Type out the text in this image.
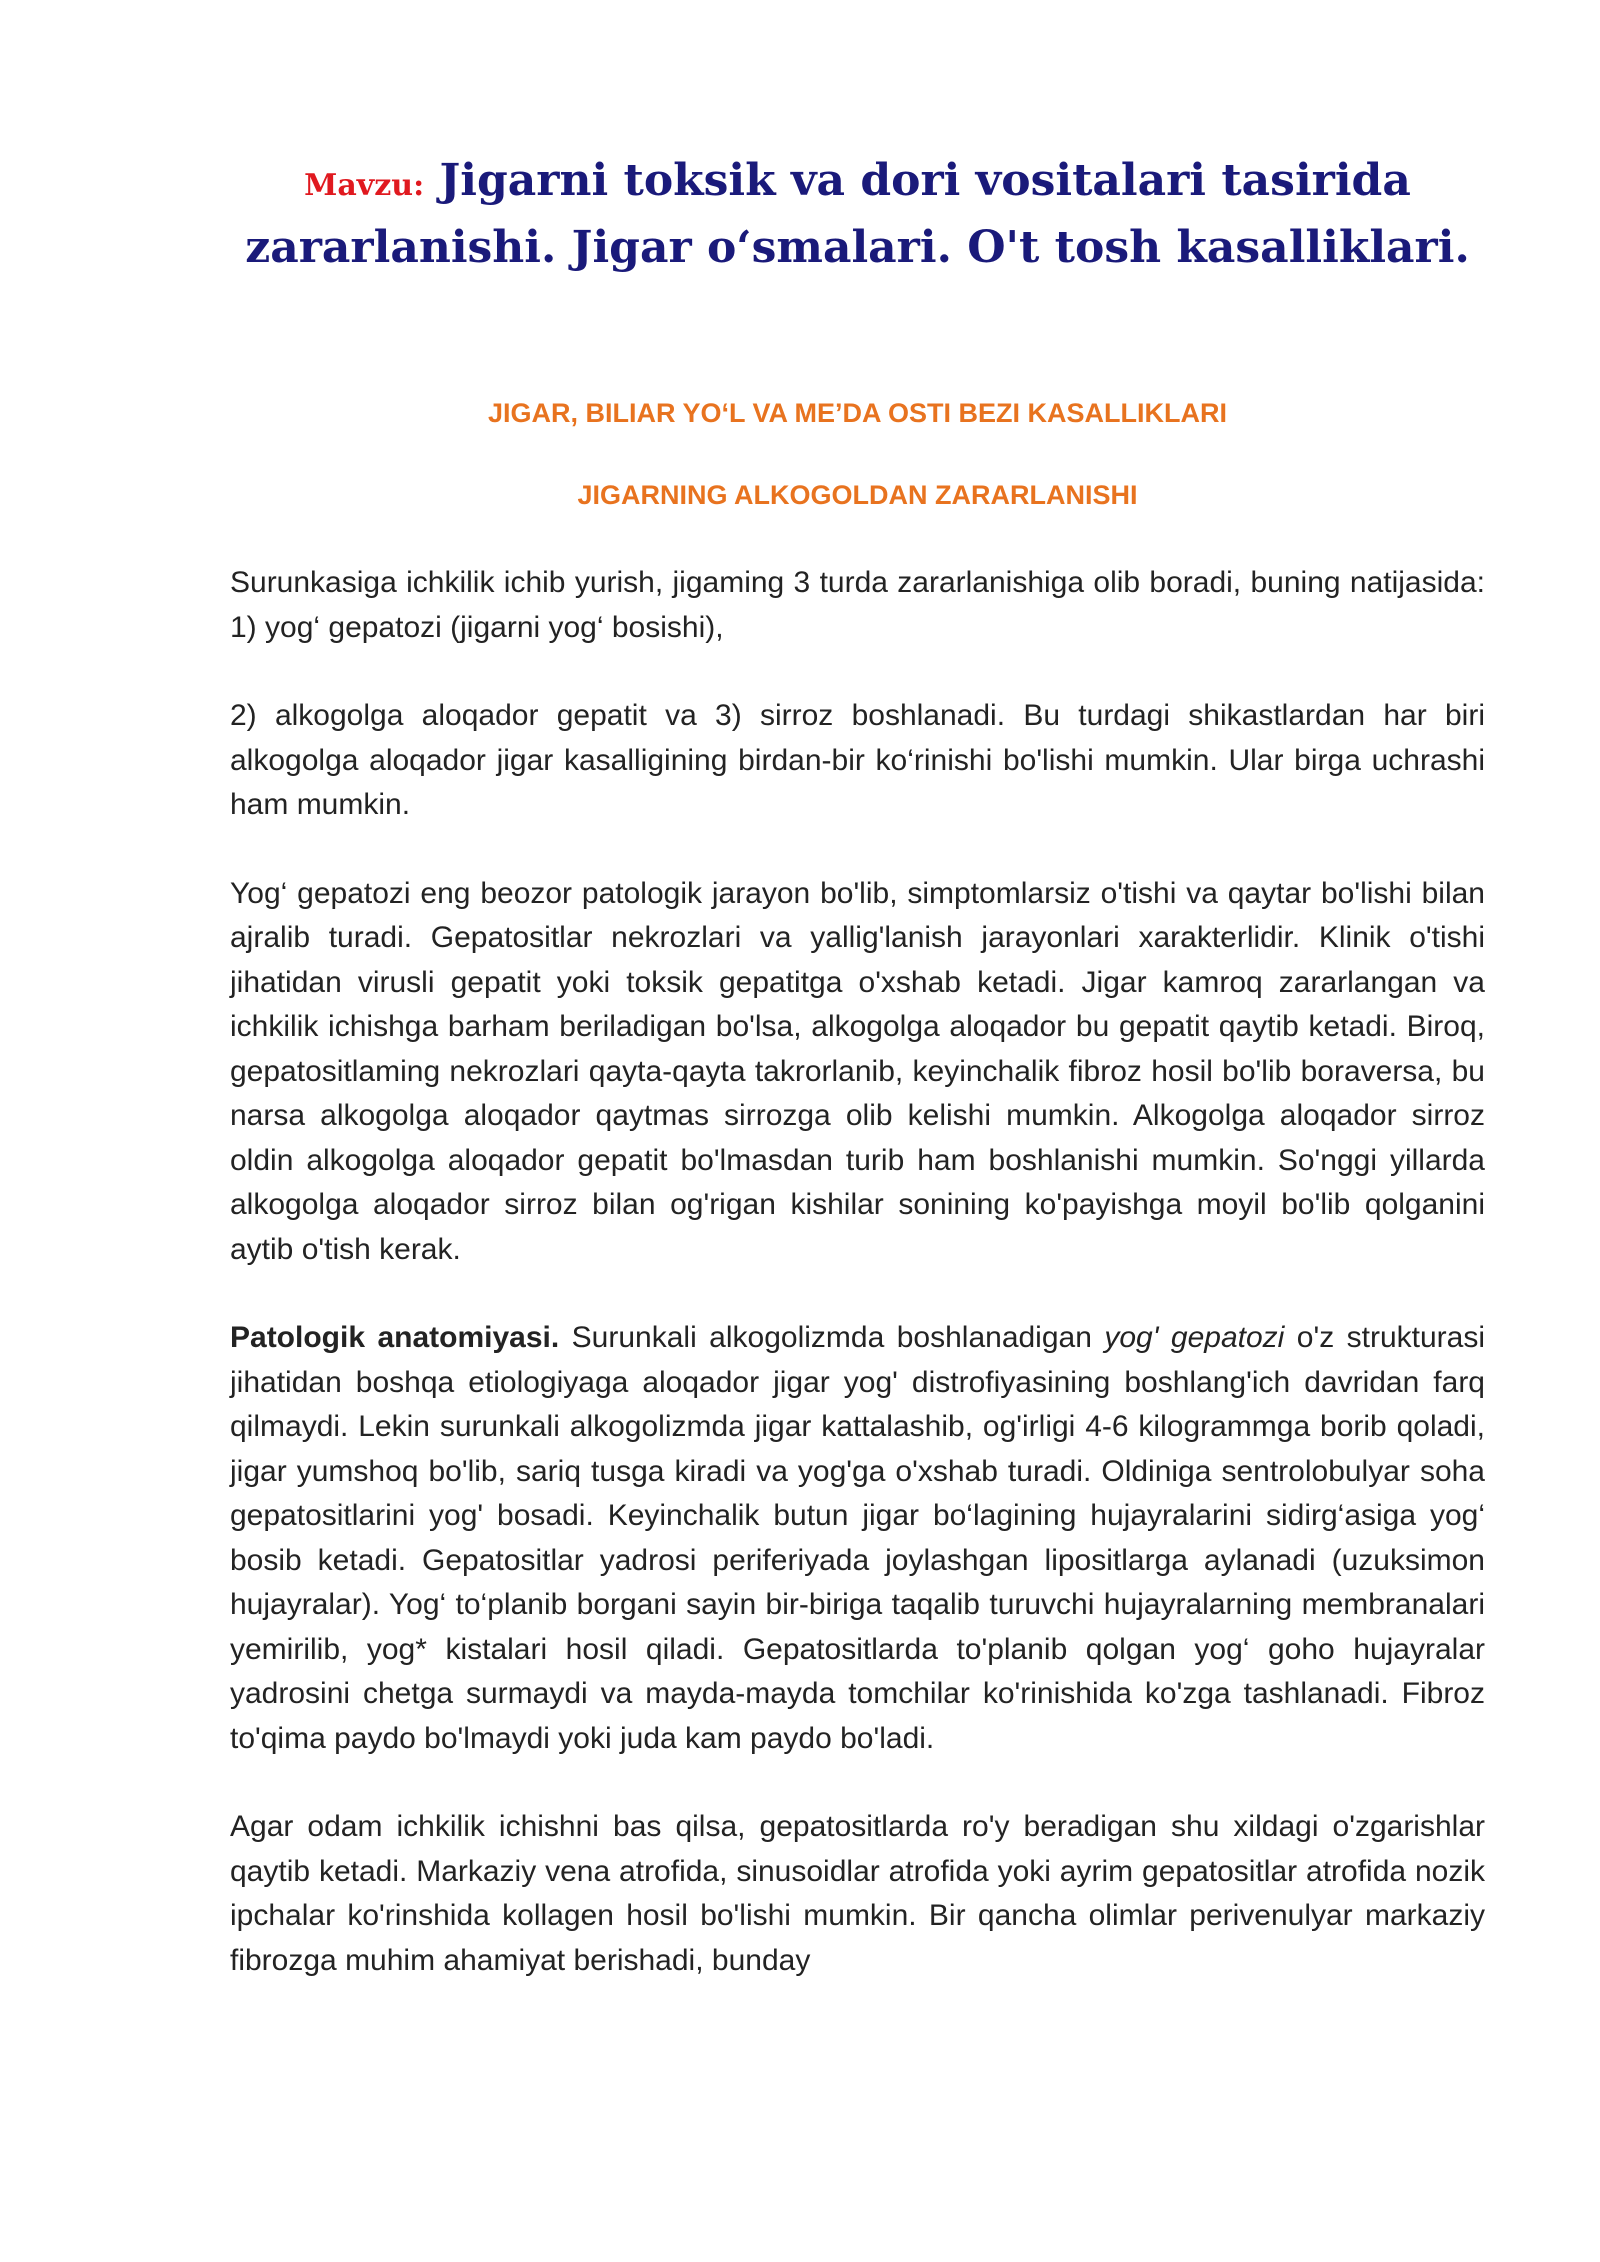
Mavzu: Jigarni toksik va dori vositalari tasirida
zararlanishi. Jigar o‘smalari. O't tosh kasalliklari.
JIGAR, BILIAR YO‘L VA ME’DA OSTI BEZI KASALLIKLARI
JIGARNING ALKOGOLDAN ZARARLANISHI

Surunkasiga ichkilik ichib yurish, jigaming 3 turda zararlanishiga olib boradi, buning natijasida: 1) yog‘ gepatozi (jigarni yog‘ bosishi),

2) alkogolga aloqador gepatit va 3) sirroz boshlanadi. Bu turdagi shikastlardan har biri alkogolga aloqador jigar kasalligining birdan-bir ko‘rinishi bo'lishi mumkin. Ular birga uchrashi ham mumkin.

Yog‘ gepatozi eng beozor patologik jarayon bo'lib, simptomlarsiz o'tishi va qaytar bo'lishi bilan ajralib turadi. Gepatositlar nekrozlari va yallig'lanish jarayonlari xarakterlidir. Klinik o'tishi jihatidan virusli gepatit yoki toksik gepatitga o'xshab ketadi. Jigar kamroq zararlangan va ichkilik ichishga barham beriladigan bo'lsa, alkogolga aloqador bu gepatit qaytib ketadi. Biroq, gepatositlaming nekrozlari qayta-qayta takrorlanib, keyinchalik fibroz hosil bo'lib boraversa, bu narsa alkogolga aloqador qaytmas sirrozga olib kelishi mumkin. Alkogolga aloqador sirroz oldin alkogolga aloqador gepatit bo'lmasdan turib ham boshlanishi mumkin. So'nggi yillarda alkogolga aloqador sirroz bilan og'rigan kishilar sonining ko'payishga moyil bo'lib qolganini aytib o'tish kerak.

Patologik anatomiyasi. Surunkali alkogolizmda boshlanadigan yog' gepatozi o'z strukturasi jihatidan boshqa etiologiyaga aloqador jigar yog' distrofiyasining boshlang'ich davridan farq qilmaydi. Lekin surunkali alkogolizmda jigar kattalashib, og'irligi 4-6 kilogrammga borib qoladi, jigar yumshoq bo'lib, sariq tusga kiradi va yog'ga o'xshab turadi. Oldiniga sentrolobulyar soha gepatositlarini yog' bosadi. Keyinchalik butun jigar bo‘lagining hujayralarini sidirg‘asiga yog‘ bosib ketadi. Gepatositlar yadrosi periferiyada joylashgan lipositlarga aylanadi (uzuksimon hujayralar). Yog‘ to‘planib borgani sayin bir-biriga taqalib turuvchi hujayralarning membranalari yemirilib, yog* kistalari hosil qiladi. Gepatositlarda to'planib qolgan yog‘ goho hujayralar yadrosini chetga surmaydi va mayda-mayda tomchilar ko'rinishida ko'zga tashlanadi. Fibroz to'qima paydo bo'lmaydi yoki juda kam paydo bo'ladi.

Agar odam ichkilik ichishni bas qilsa, gepatositlarda ro'y beradigan shu xildagi o'zgarishlar qaytib ketadi. Markaziy vena atrofida, sinusoidlar atrofida yoki ayrim gepatositlar atrofida nozik ipchalar ko'rinshida kollagen hosil bo'lishi mumkin. Bir qancha olimlar perivenulyar markaziy fibrozga muhim ahamiyat berishadi, bunday
